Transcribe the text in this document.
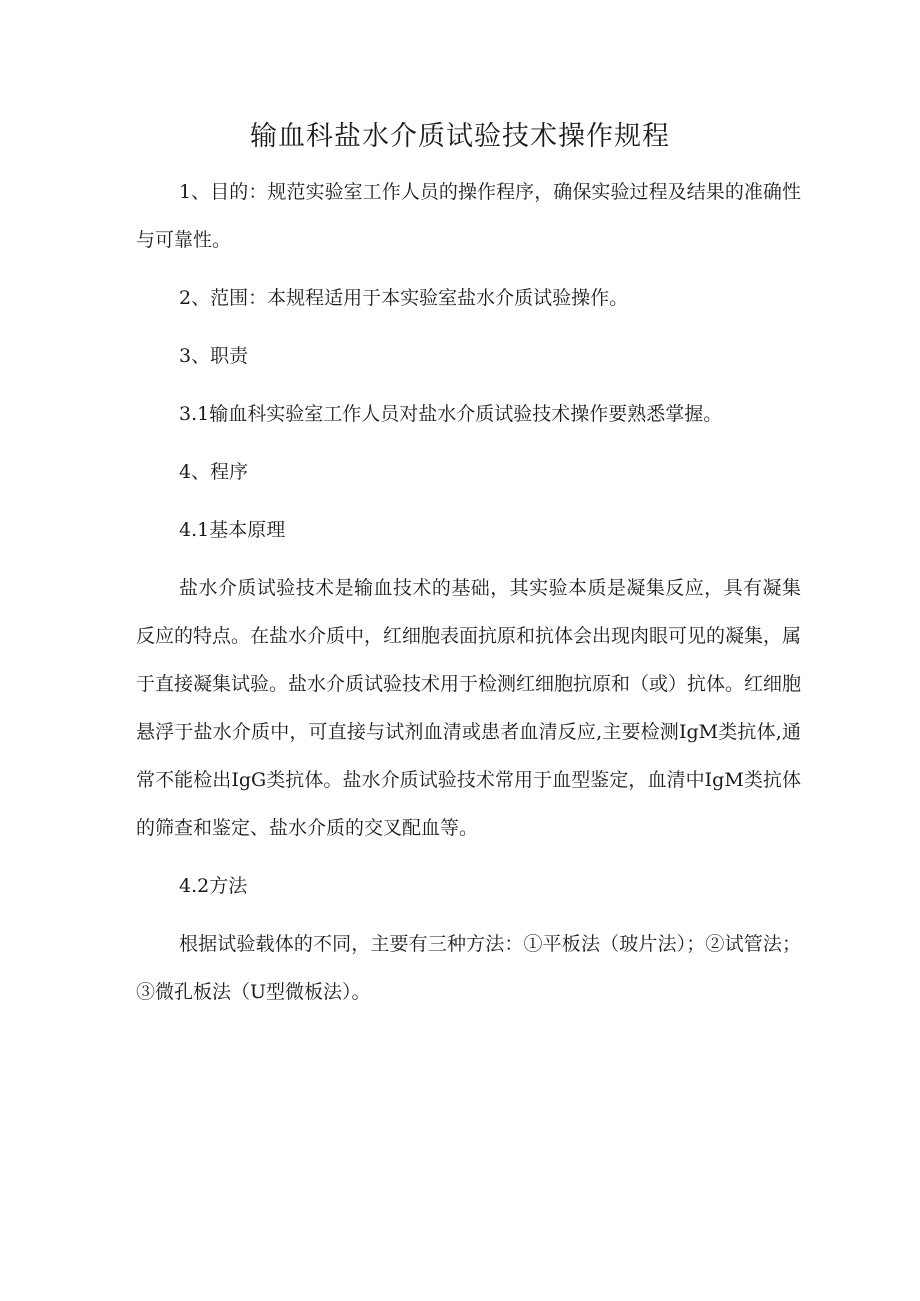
输血科盐水介质试验技术操作规程

1、目的：规范实验室工作人员的操作程序，确保实验过程及结果的准确性与可靠性。

2、范围：本规程适用于本实验室盐水介质试验操作。

3、职责

3.1输血科实验室工作人员对盐水介质试验技术操作要熟悉掌握。

4、程序

4.1基本原理

盐水介质试验技术是输血技术的基础，其实验本质是凝集反应，具有凝集反应的特点。在盐水介质中，红细胞表面抗原和抗体会出现肉眼可见的凝集，属于直接凝集试验。盐水介质试验技术用于检测红细胞抗原和（或）抗体。红细胞悬浮于盐水介质中，可直接与试剂血清或患者血清反应,主要检测IgM类抗体,通常不能检出IgG类抗体。盐水介质试验技术常用于血型鉴定，血清中IgM类抗体的筛查和鉴定、盐水介质的交叉配血等。

4.2方法

根据试验载体的不同，主要有三种方法：①平板法（玻片法）；②试管法；③微孔板法（U型微板法）。
